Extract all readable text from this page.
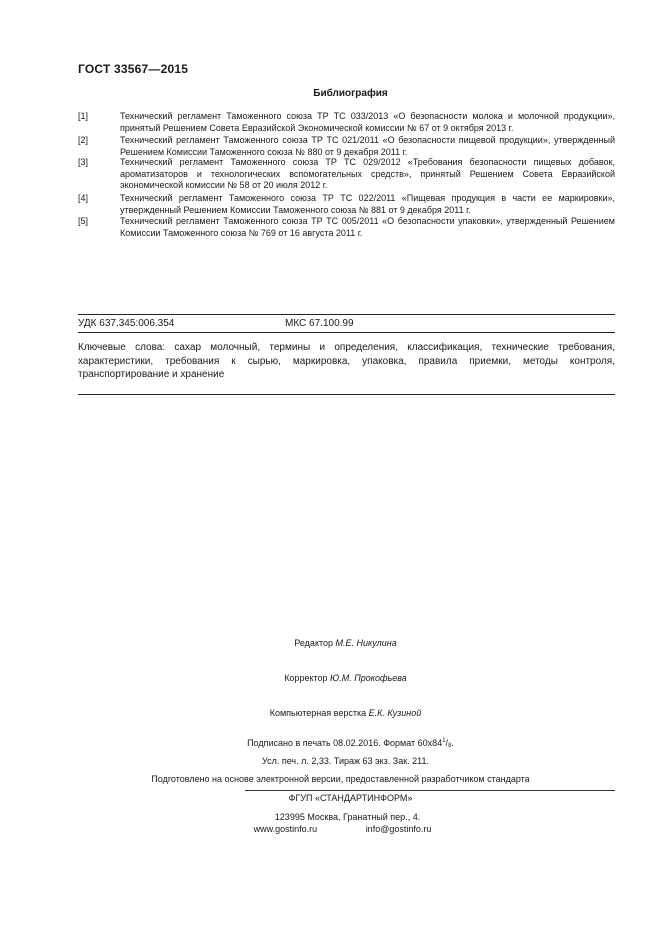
ГОСТ 33567—2015
Библиография
[1]	Технический регламент Таможенного союза ТР ТС 033/2013 «О безопасности молока и молочной продукции», принятый Решением Совета Евразийской Экономической комиссии № 67 от 9 октября 2013 г.
[2]	Технический регламент Таможенного союза ТР ТС 021/2011 «О безопасности пищевой продукции», утвержденный Решением Комиссии Таможенного союза № 880 от 9 декабря 2011 г.
[3]	Технический регламент Таможенного союза ТР ТС 029/2012 «Требования безопасности пищевых добавок, ароматизаторов и технологических вспомогательных средств», принятый Решением Совета Евразийской экономической комиссии № 58 от 20 июля 2012 г.
[4]	Технический регламент Таможенного союза ТР ТС 022/2011 «Пищевая продукция в части ее маркировки», утвержденный Решением Комиссии Таможенного союза № 881 от 9 декабря 2011 г.
[5]	Технический регламент Таможенного союза ТР ТС 005/2011 «О безопасности упаковки», утвержденный Решением Комиссии Таможенного союза № 769 от 16 августа 2011 г.
УДК 637.345:006.354	МКС 67.100.99
Ключевые слова: сахар молочный, термины и определения, классификация, технические требования, характеристики, требования к сырью, маркировка, упаковка, правила приемки, методы контроля, транспортирование и хранение
Редактор М.Е. Никулина
Корректор Ю.М. Прокофьева
Компьютерная верстка Е.К. Кузиной
Подписано в печать 08.02.2016. Формат $60x84^1/8$.
Усл. печ. л. 2,33. Тираж 63 экз. Зак. 211.
Подготовлено на основе электронной версии, предоставленной разработчиком стандарта
ФГУП «СТАНДАРТИНФОРМ»
123995 Москва, Гранатный пер., 4.
www.gostinfo.ru	info@gostinfo.ru
